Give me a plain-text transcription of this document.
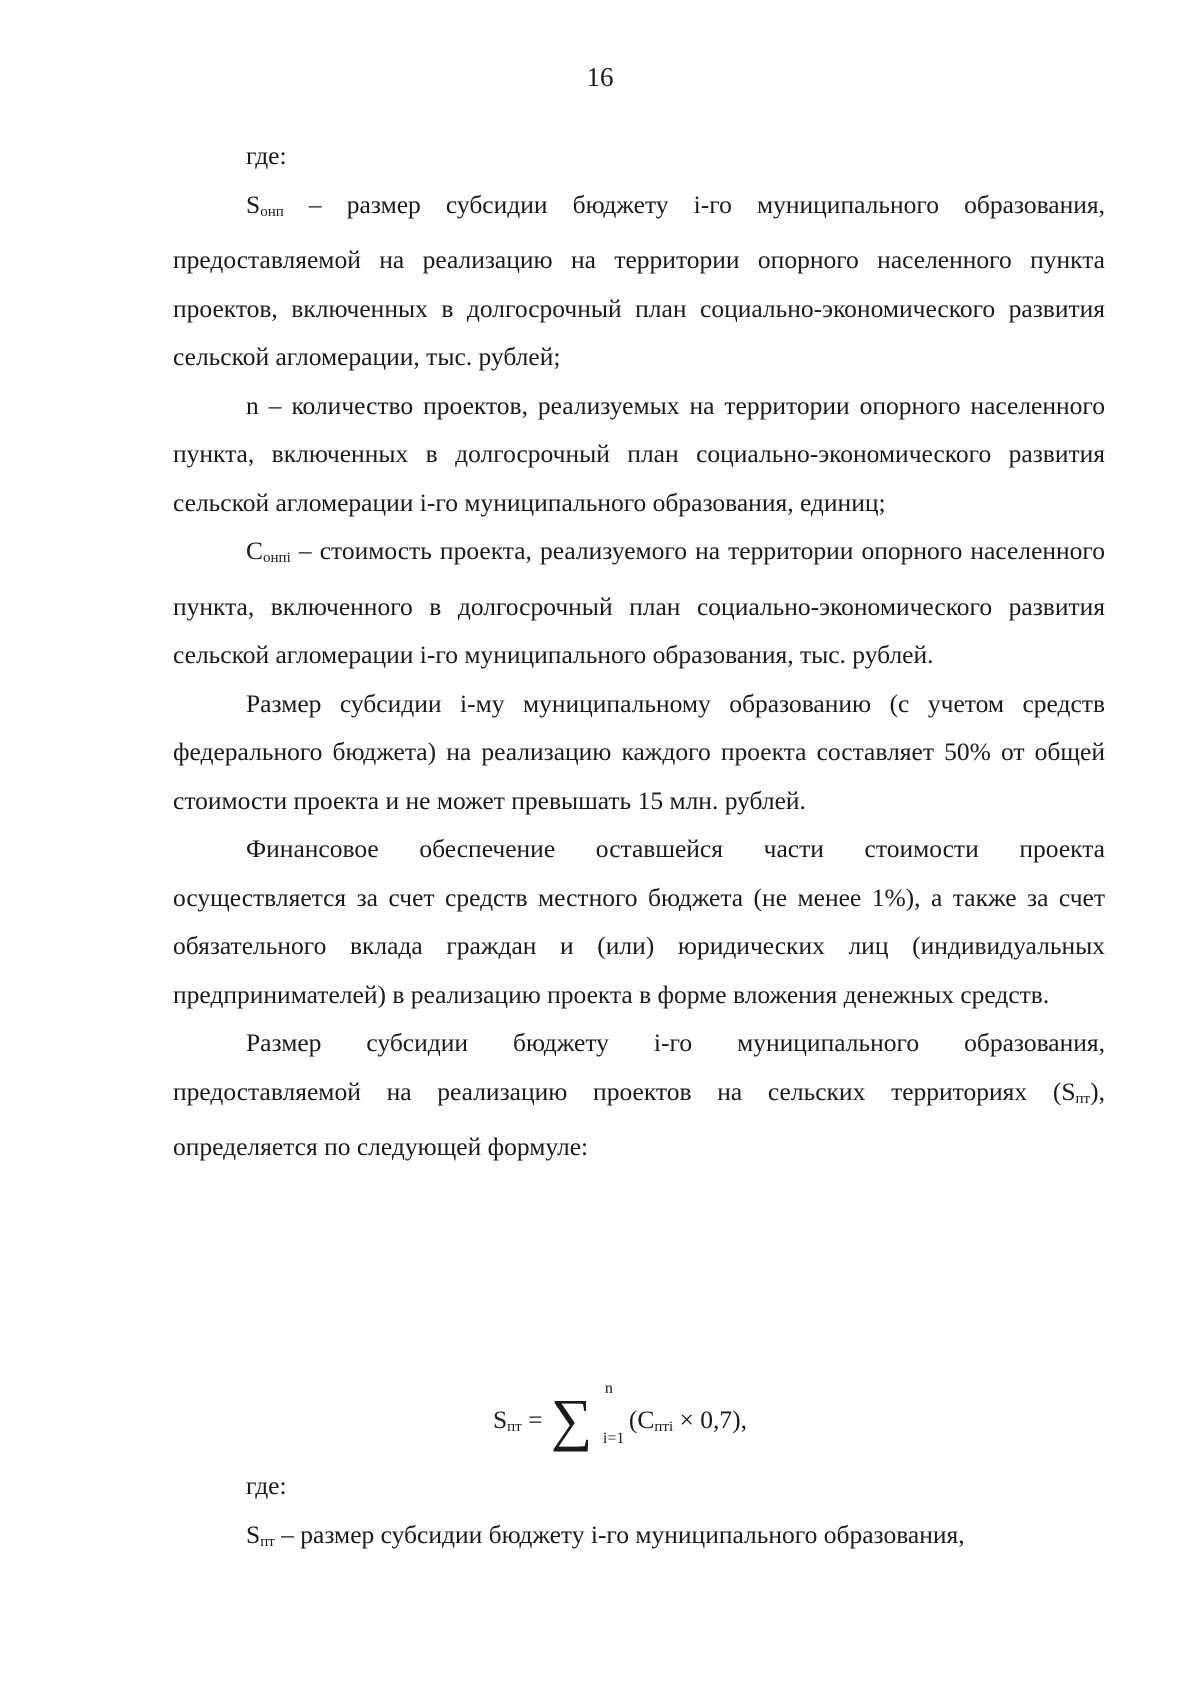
16

где:

$S_{онп}$ – размер субсидии бюджету i-го муниципального образования, предоставляемой на реализацию на территории опорного населенного пункта проектов, включенных в долгосрочный план социально-экономического развития сельской агломерации, тыс. рублей;

n – количество проектов, реализуемых на территории опорного населенного пункта, включенных в долгосрочный план социально-экономического развития сельской агломерации i-го муниципального образования, единиц;

$С_{онпi}$ – стоимость проекта, реализуемого на территории опорного населенного пункта, включенного в долгосрочный план социально-экономического развития сельской агломерации i-го муниципального образования, тыс. рублей.

Размер субсидии i-му муниципальному образованию (с учетом средств федерального бюджета) на реализацию каждого проекта составляет 50% от общей стоимости проекта и не может превышать 15 млн. рублей.

Финансовое обеспечение оставшейся части стоимости проекта осуществляется за счет средств местного бюджета (не менее 1%), а также за счет обязательного вклада граждан и (или) юридических лиц (индивидуальных предпринимателей) в реализацию проекта в форме вложения денежных средств.

Размер субсидии бюджету i-го муниципального образования, предоставляемой на реализацию проектов на сельских территориях $(S_{пт})$, определяется по следующей формуле:

$S_{пт}$ = ∑ n
i=1
$(С_{птi} \times 0,7)$,

где:

$S_{пт}$ – размер субсидии бюджету i-го муниципального образования,
